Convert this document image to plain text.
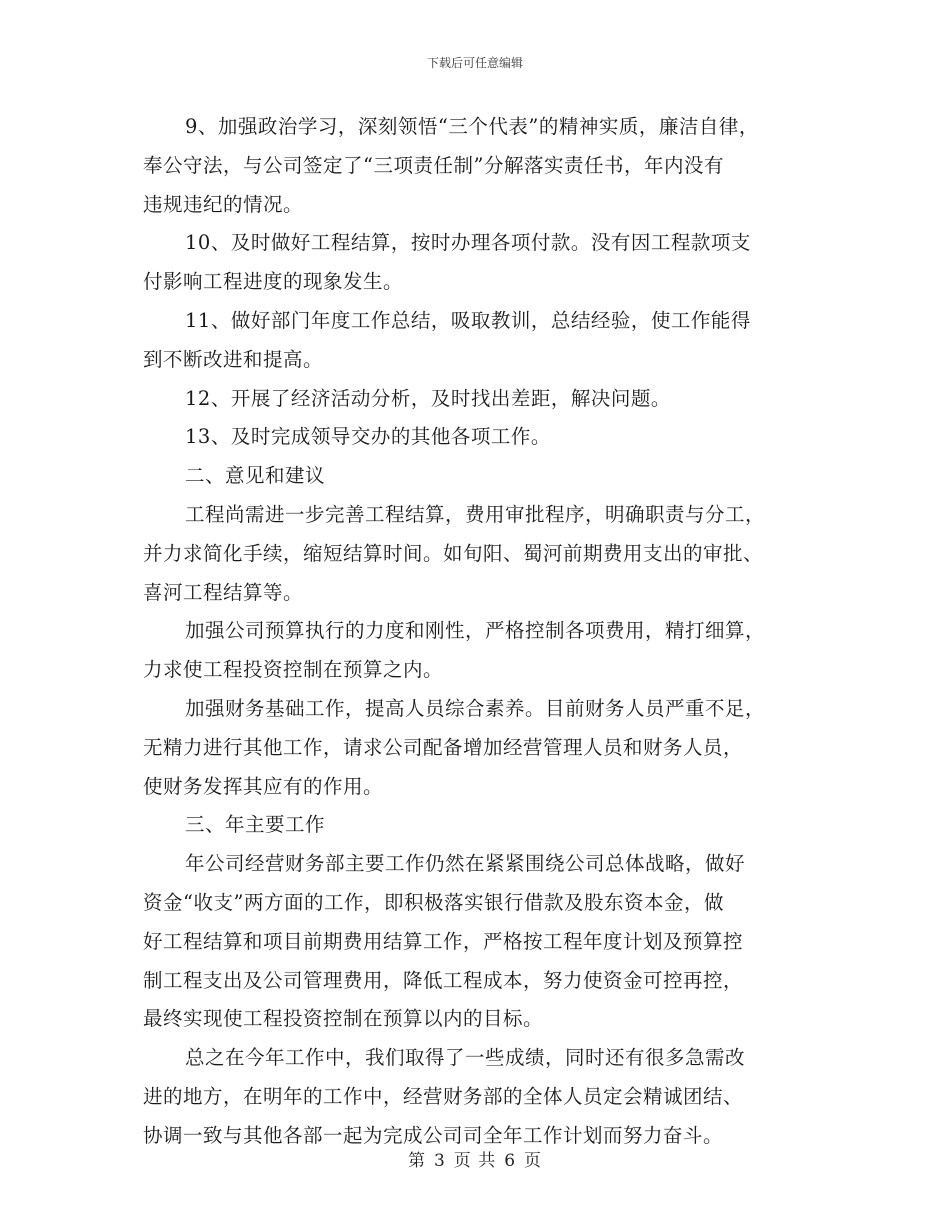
下载后可任意编辑

9、加强政治学习，深刻领悟“三个代表”的精神实质，廉洁自律，
奉公守法，与公司签定了“三项责任制”分解落实责任书，年内没有
违规违纪的情况。

10、及时做好工程结算，按时办理各项付款。没有因工程款项支
付影响工程进度的现象发生。

11、做好部门年度工作总结，吸取教训，总结经验，使工作能得
到不断改进和提高。

12、开展了经济活动分析，及时找出差距，解决问题。

13、及时完成领导交办的其他各项工作。

二、意见和建议

工程尚需进一步完善工程结算，费用审批程序，明确职责与分工，
并力求简化手续，缩短结算时间。如旬阳、蜀河前期费用支出的审批、
喜河工程结算等。

加强公司预算执行的力度和刚性，严格控制各项费用，精打细算，
力求使工程投资控制在预算之内。

加强财务基础工作，提高人员综合素养。目前财务人员严重不足，
无精力进行其他工作，请求公司配备增加经营管理人员和财务人员，
使财务发挥其应有的作用。

三、年主要工作

年公司经营财务部主要工作仍然在紧紧围绕公司总体战略，做好
资金“收支”两方面的工作，即积极落实银行借款及股东资本金，做
好工程结算和项目前期费用结算工作，严格按工程年度计划及预算控
制工程支出及公司管理费用，降低工程成本，努力使资金可控再控，
最终实现使工程投资控制在预算以内的目标。

总之在今年工作中，我们取得了一些成绩，同时还有很多急需改
进的地方，在明年的工作中，经营财务部的全体人员定会精诚团结、
协调一致与其他各部一起为完成公司司全年工作计划而努力奋斗。

第 3 页 共 6 页
